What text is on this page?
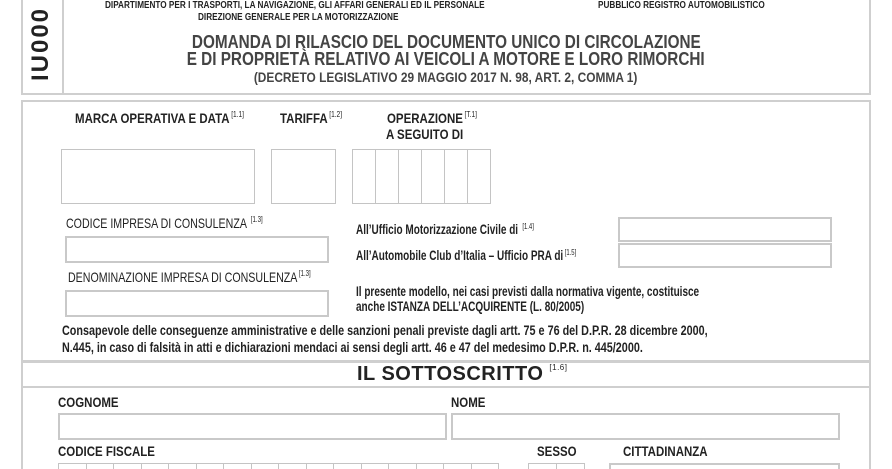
IU000
DIPARTIMENTO PER I TRASPORTI, LA NAVIGAZIONE, GLI AFFARI GENERALI ED IL PERSONALE
DIREZIONE GENERALE PER LA MOTORIZZAZIONE
PUBBLICO REGISTRO AUTOMOBILISTICO
DOMANDA DI RILASCIO DEL DOCUMENTO UNICO DI CIRCOLAZIONE
E DI PROPRIETÀ RELATIVO AI VEICOLI A MOTORE E LORO RIMORCHI
(DECRETO LEGISLATIVO 29 MAGGIO 2017 N. 98, ART. 2, COMMA 1)
MARCA OPERATIVA E DATA [1.1]	TARIFFA [1.2]	OPERAZIONE [T.1]
A SEGUITO DI
CODICE IMPRESA DI CONSULENZA [1.3]
DENOMINAZIONE IMPRESA DI CONSULENZA [1.3]
All’Ufficio Motorizzazione Civile di [1.4]
All’Automobile Club d’Italia – Ufficio PRA di[1.5]
Il presente modello, nei casi previsti dalla normativa vigente, costituisce
anche ISTANZA DELL’ACQUIRENTE (L. 80/2005)
Consapevole delle conseguenze amministrative e delle sanzioni penali previste dagli artt. 75 e 76 del D.P.R. 28 dicembre 2000,
N.445, in caso di falsità in atti e dichiarazioni mendaci ai sensi degli artt. 46 e 47 del medesimo D.P.R. n. 445/2000.
IL SOTTOSCRITTO [1.6]
COGNOME	NOME
CODICE FISCALE	SESSO	CITTADINANZA
